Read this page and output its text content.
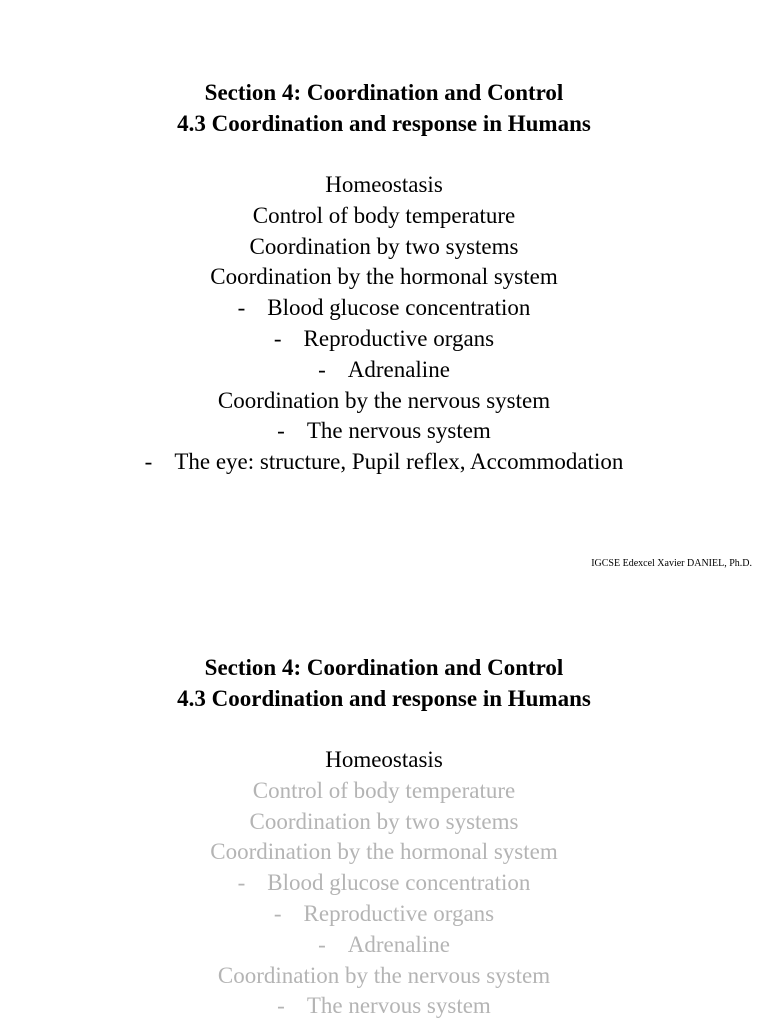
Section 4: Coordination and Control

4.3 Coordination and response in Humans

Homeostasis

Control of body temperature

Coordination by two systems

Coordination by the hormonal system

- Blood glucose concentration

- Reproductive organs

- Adrenaline

Coordination by the nervous system

- The nervous system

- The eye: structure, Pupil reflex, Accommodation

IGCSE Edexcel Xavier DANIEL, Ph.D.

Section 4: Coordination and Control

4.3 Coordination and response in Humans

Homeostasis

Control of body temperature

Coordination by two systems

Coordination by the hormonal system

- Blood glucose concentration

- Reproductive organs

- Adrenaline

Coordination by the nervous system

- The nervous system
